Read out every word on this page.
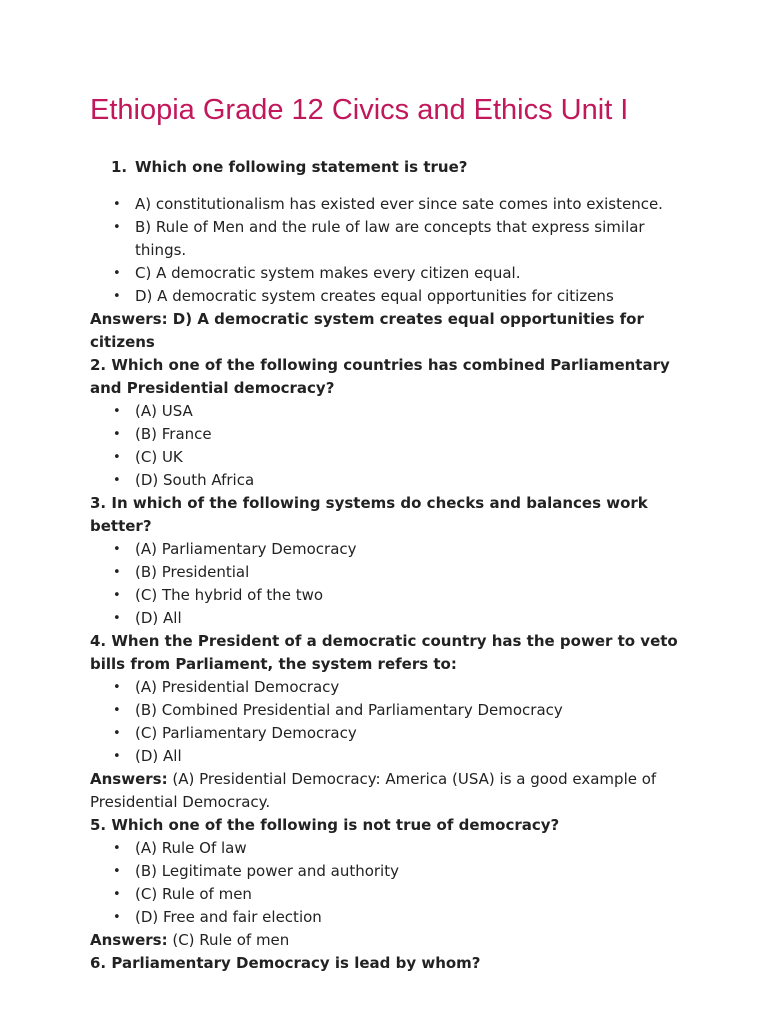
Ethiopia Grade 12 Civics and Ethics Unit I
1. Which one following statement is true?
• A) constitutionalism has existed ever since sate comes into existence.
• B) Rule of Men and the rule of law are concepts that express similar things.
• C) A democratic system makes every citizen equal.
• D) A democratic system creates equal opportunities for citizens

Answers: D) A democratic system creates equal opportunities for citizens

2. Which one of the following countries has combined Parliamentary and Presidential democracy?

• (A) USA
• (B) France
• (C) UK
• (D) South Africa

3. In which of the following systems do checks and balances work better?

• (A) Parliamentary Democracy
• (B) Presidential
• (C) The hybrid of the two
• (D) All

4. When the President of a democratic country has the power to veto bills from Parliament, the system refers to:

• (A) Presidential Democracy
• (B) Combined Presidential and Parliamentary Democracy
• (C) Parliamentary Democracy
• (D) All

Answers: (A) Presidential Democracy: America (USA) is a good example of Presidential Democracy.

5. Which one of the following is not true of democracy?

• (A) Rule Of law
• (B) Legitimate power and authority
• (C) Rule of men
• (D) Free and fair election

Answers: (C) Rule of men

6. Parliamentary Democracy is lead by whom?
